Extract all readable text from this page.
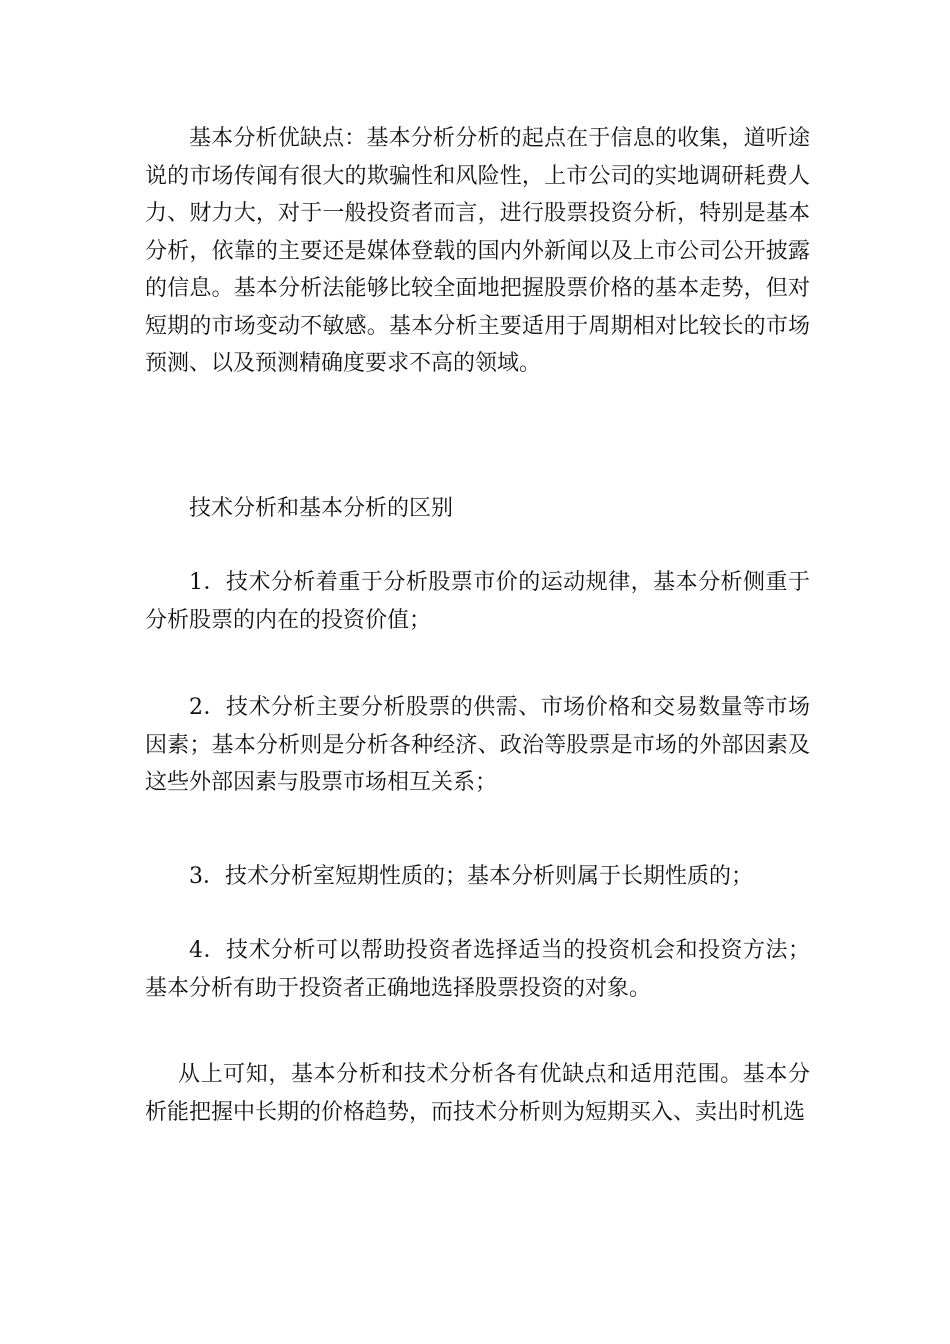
基本分析优缺点：基本分析分析的起点在于信息的收集，道听途说的市场传闻有很大的欺骗性和风险性，上市公司的实地调研耗费人力、财力大，对于一般投资者而言，进行股票投资分析，特别是基本分析，依靠的主要还是媒体登载的国内外新闻以及上市公司公开披露的信息。基本分析法能够比较全面地把握股票价格的基本走势，但对短期的市场变动不敏感。基本分析主要适用于周期相对比较长的市场预测、以及预测精确度要求不高的领域。

技术分析和基本分析的区别

1．技术分析着重于分析股票市价的运动规律，基本分析侧重于分析股票的内在的投资价值；

2．技术分析主要分析股票的供需、市场价格和交易数量等市场因素；基本分析则是分析各种经济、政治等股票是市场的外部因素及这些外部因素与股票市场相互关系；

3．技术分析室短期性质的；基本分析则属于长期性质的；

4．技术分析可以帮助投资者选择适当的投资机会和投资方法；基本分析有助于投资者正确地选择股票投资的对象。

从上可知，基本分析和技术分析各有优缺点和适用范围。基本分析能把握中长期的价格趋势，而技术分析则为短期买入、卖出时机选
